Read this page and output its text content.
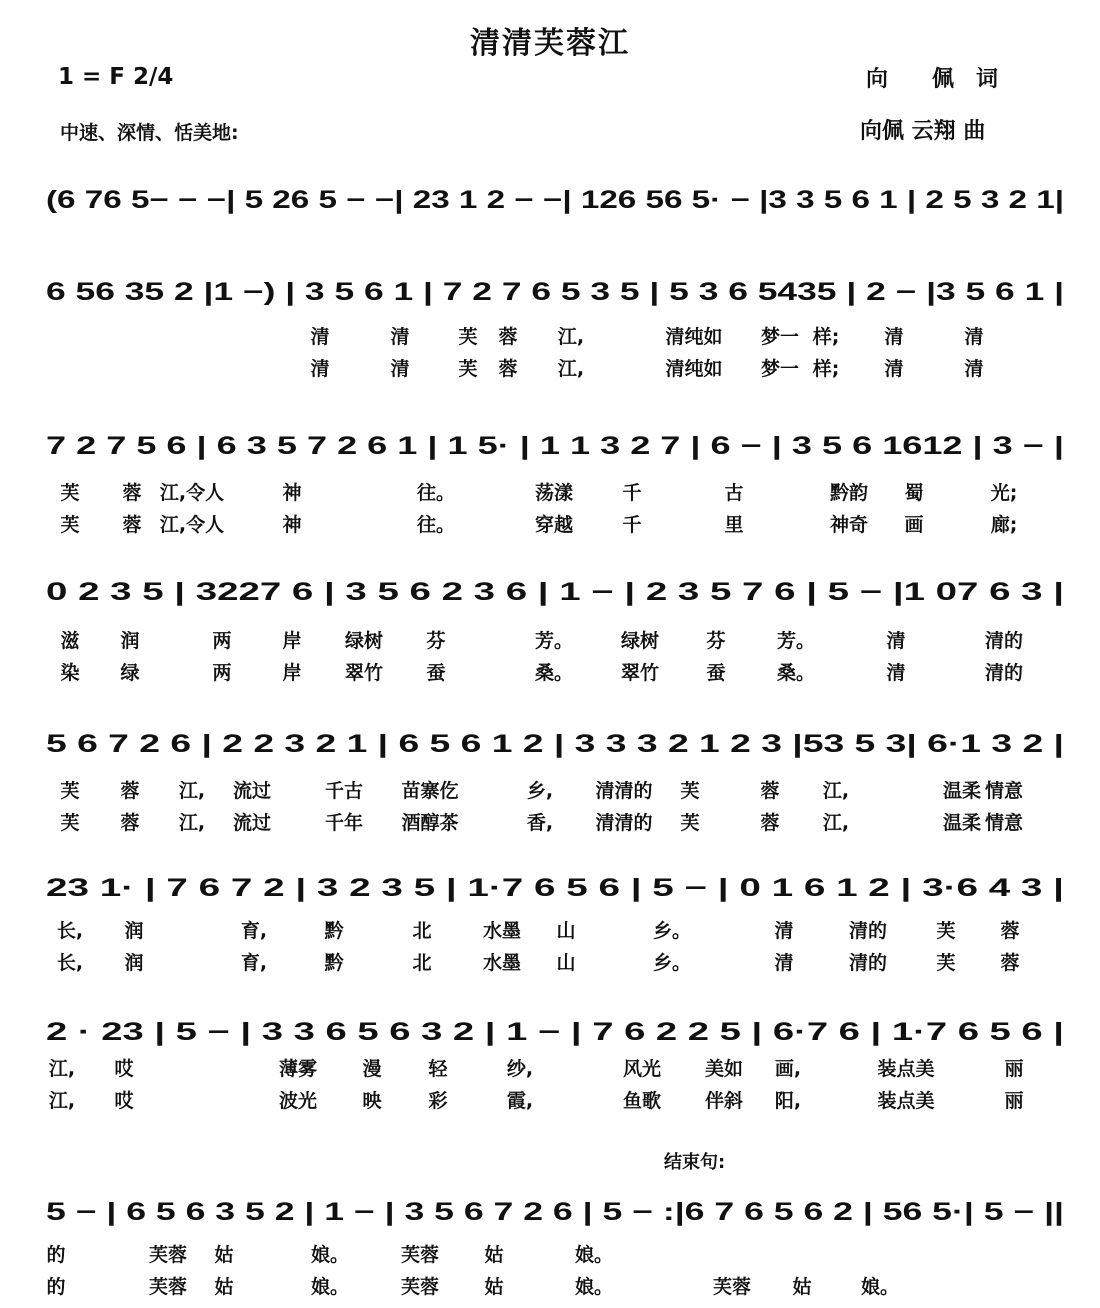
清清芙蓉江
1 = F 2/4
中速、深情、恬美地:
向　　佩　词
向佩 云翔 曲
结束句:
(6 76 5− − −| 5 26 5 − −| 23 1 2 − −| 126 56 5· − |3 3 5 6 1 | 2 5 3 2 1|
6 56 35 2 |1 −) | 3 5 6 1 | 7 2 7 6 5 3 5 | 5 3 6 5435 | 2 − |3 5 6 1 |
清	清	芙 蓉 江,	清纯如 梦一 样; 清	清
清	清	芙 蓉 江,	清纯如 梦一 样; 清	清
7 2 7 5 6 | 6 3 5 7 2 6 1 | 1 5· | 1 1 3 2 7 | 6 − | 3 5 6 1612 | 3 − |
芙 蓉 江,令人	神	往。	荡漾	千	古	黔韵 蜀	光;
芙 蓉 江,令人	神	往。	穿越	千	里	神奇 画	廊;
0 2 3 5 | 3227 6 | 3 5 6 2 3 6 | 1 − | 2 3 5 7 6 | 5 − |1 07 6 3 |
滋 润	两	岸 绿树 芬	芳。	绿树 芬	芳。	清	清的
染 绿	两	岸 翠竹 蚕	桑。	翠竹 蚕	桑。	清	清的
5 6 7 2 6 | 2 2 3 2 1 | 6 5 6 1 2 | 3 3 3 2 1 2 3 |53 5 3| 6·1 3 2 |
芙 蓉 江, 流过	千古 苗寨仡	乡, 清清的 芙	蓉 江,	温柔 情意
芙 蓉 江, 流过	千年 酒醇茶	香, 清清的 芙	蓉 江,	温柔 情意
23 1· | 7 6 7 2 | 3 2 3 5 | 1·7 6 5 6 | 5 − | 0 1 6 1 2 | 3·6 4 3 |
长, 润	育,	黔	北	水墨 山	乡。	清	清的	芙 蓉
长, 润	育,	黔	北	水墨 山	乡。	清	清的	芙 蓉
2 · 23 | 5 − | 3 3 6 5 6 3 2 | 1 − | 7 6 2 2 5 | 6·7 6 | 1·7 6 5 6 |
江, 哎	薄雾 漫 轻	纱,	风光 美如 画,	装点美	丽
江, 哎	波光 映 彩	霞,	鱼歌 伴斜 阳,	装点美	丽
5 − | 6 5 6 3 5 2 | 1 − | 3 5 6 7 2 6 | 5 − :|6 7 6 5 6 2 | 56 5·| 5 − ||
的	芙蓉 姑	娘。	芙蓉 姑	娘。
的	芙蓉 姑	娘。	芙蓉 姑	娘。	芙蓉 姑	娘。
